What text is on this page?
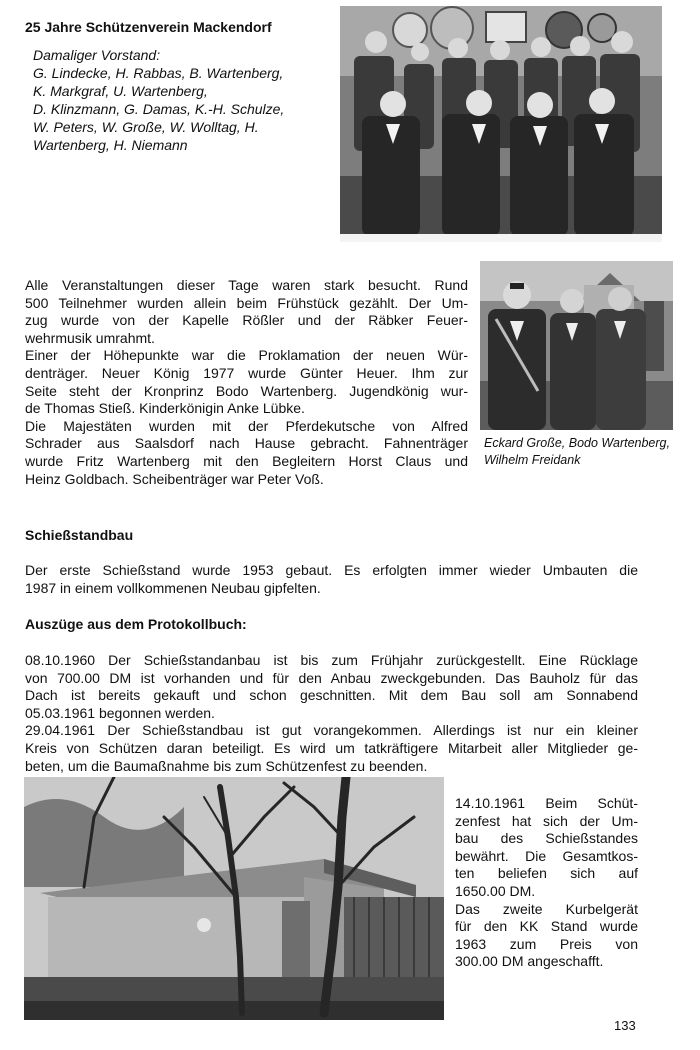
25 Jahre Schützenverein Mackendorf

Damaliger Vorstand:

G. Lindecke, H. Rabbas, B. Wartenberg,

K. Markgraf, U. Wartenberg,

D. Klinzmann, G. Damas, K.-H. Schulze,

W. Peters, W. Große, W. Wolltag, H.

Wartenberg, H. Niemann

Alle Veranstaltungen dieser Tage waren stark besucht. Rund
500 Teilnehmer wurden allein beim Frühstück gezählt. Der Um-
zug wurde von der Kapelle Rößler und der Räbker Feuer-
wehrmusik umrahmt.
Einer der Höhepunkte war die Proklamation der neuen Wür-
denträger. Neuer König 1977 wurde Günter Heuer. Ihm zur
Seite steht der Kronprinz Bodo Wartenberg. Jugendkönig wur-
de Thomas Stieß. Kinderkönigin Anke Lübke.
Die Majestäten wurden mit der Pferdekutsche von Alfred
Schrader aus Saalsdorf nach Hause gebracht. Fahnenträger
wurde Fritz Wartenberg mit den Begleitern Horst Claus und
Heinz Goldbach. Scheibenträger war Peter Voß.
Eckard Große, Bodo Wartenberg,
Wilhelm Freidank
Schießstandbau
Der erste Schießstand wurde 1953 gebaut. Es erfolgten immer wieder Umbauten die
1987 in einem vollkommenen Neubau gipfelten.
Auszüge aus dem Protokollbuch:
08.10.1960 Der Schießstandanbau ist bis zum Frühjahr zurückgestellt. Eine Rücklage
von 700.00 DM ist vorhanden und für den Anbau zweckgebunden. Das Bauholz für das
Dach ist bereits gekauft und schon geschnitten. Mit dem Bau soll am Sonnabend
05.03.1961 begonnen werden.
29.04.1961 Der Schießstandbau ist gut vorangekommen. Allerdings ist nur ein kleiner
Kreis von Schützen daran beteiligt. Es wird um tatkräftigere Mitarbeit aller Mitglieder ge-
beten, um die Baumaßnahme bis zum Schützenfest zu beenden.
14.10.1961 Beim Schüt-
zenfest hat sich der Um-
bau des Schießstandes
bewährt. Die Gesamtkos-
ten beliefen sich auf
1650.00 DM.
Das zweite Kurbelgerät
für den KK Stand wurde
1963 zum Preis von
300.00 DM angeschafft.
133
